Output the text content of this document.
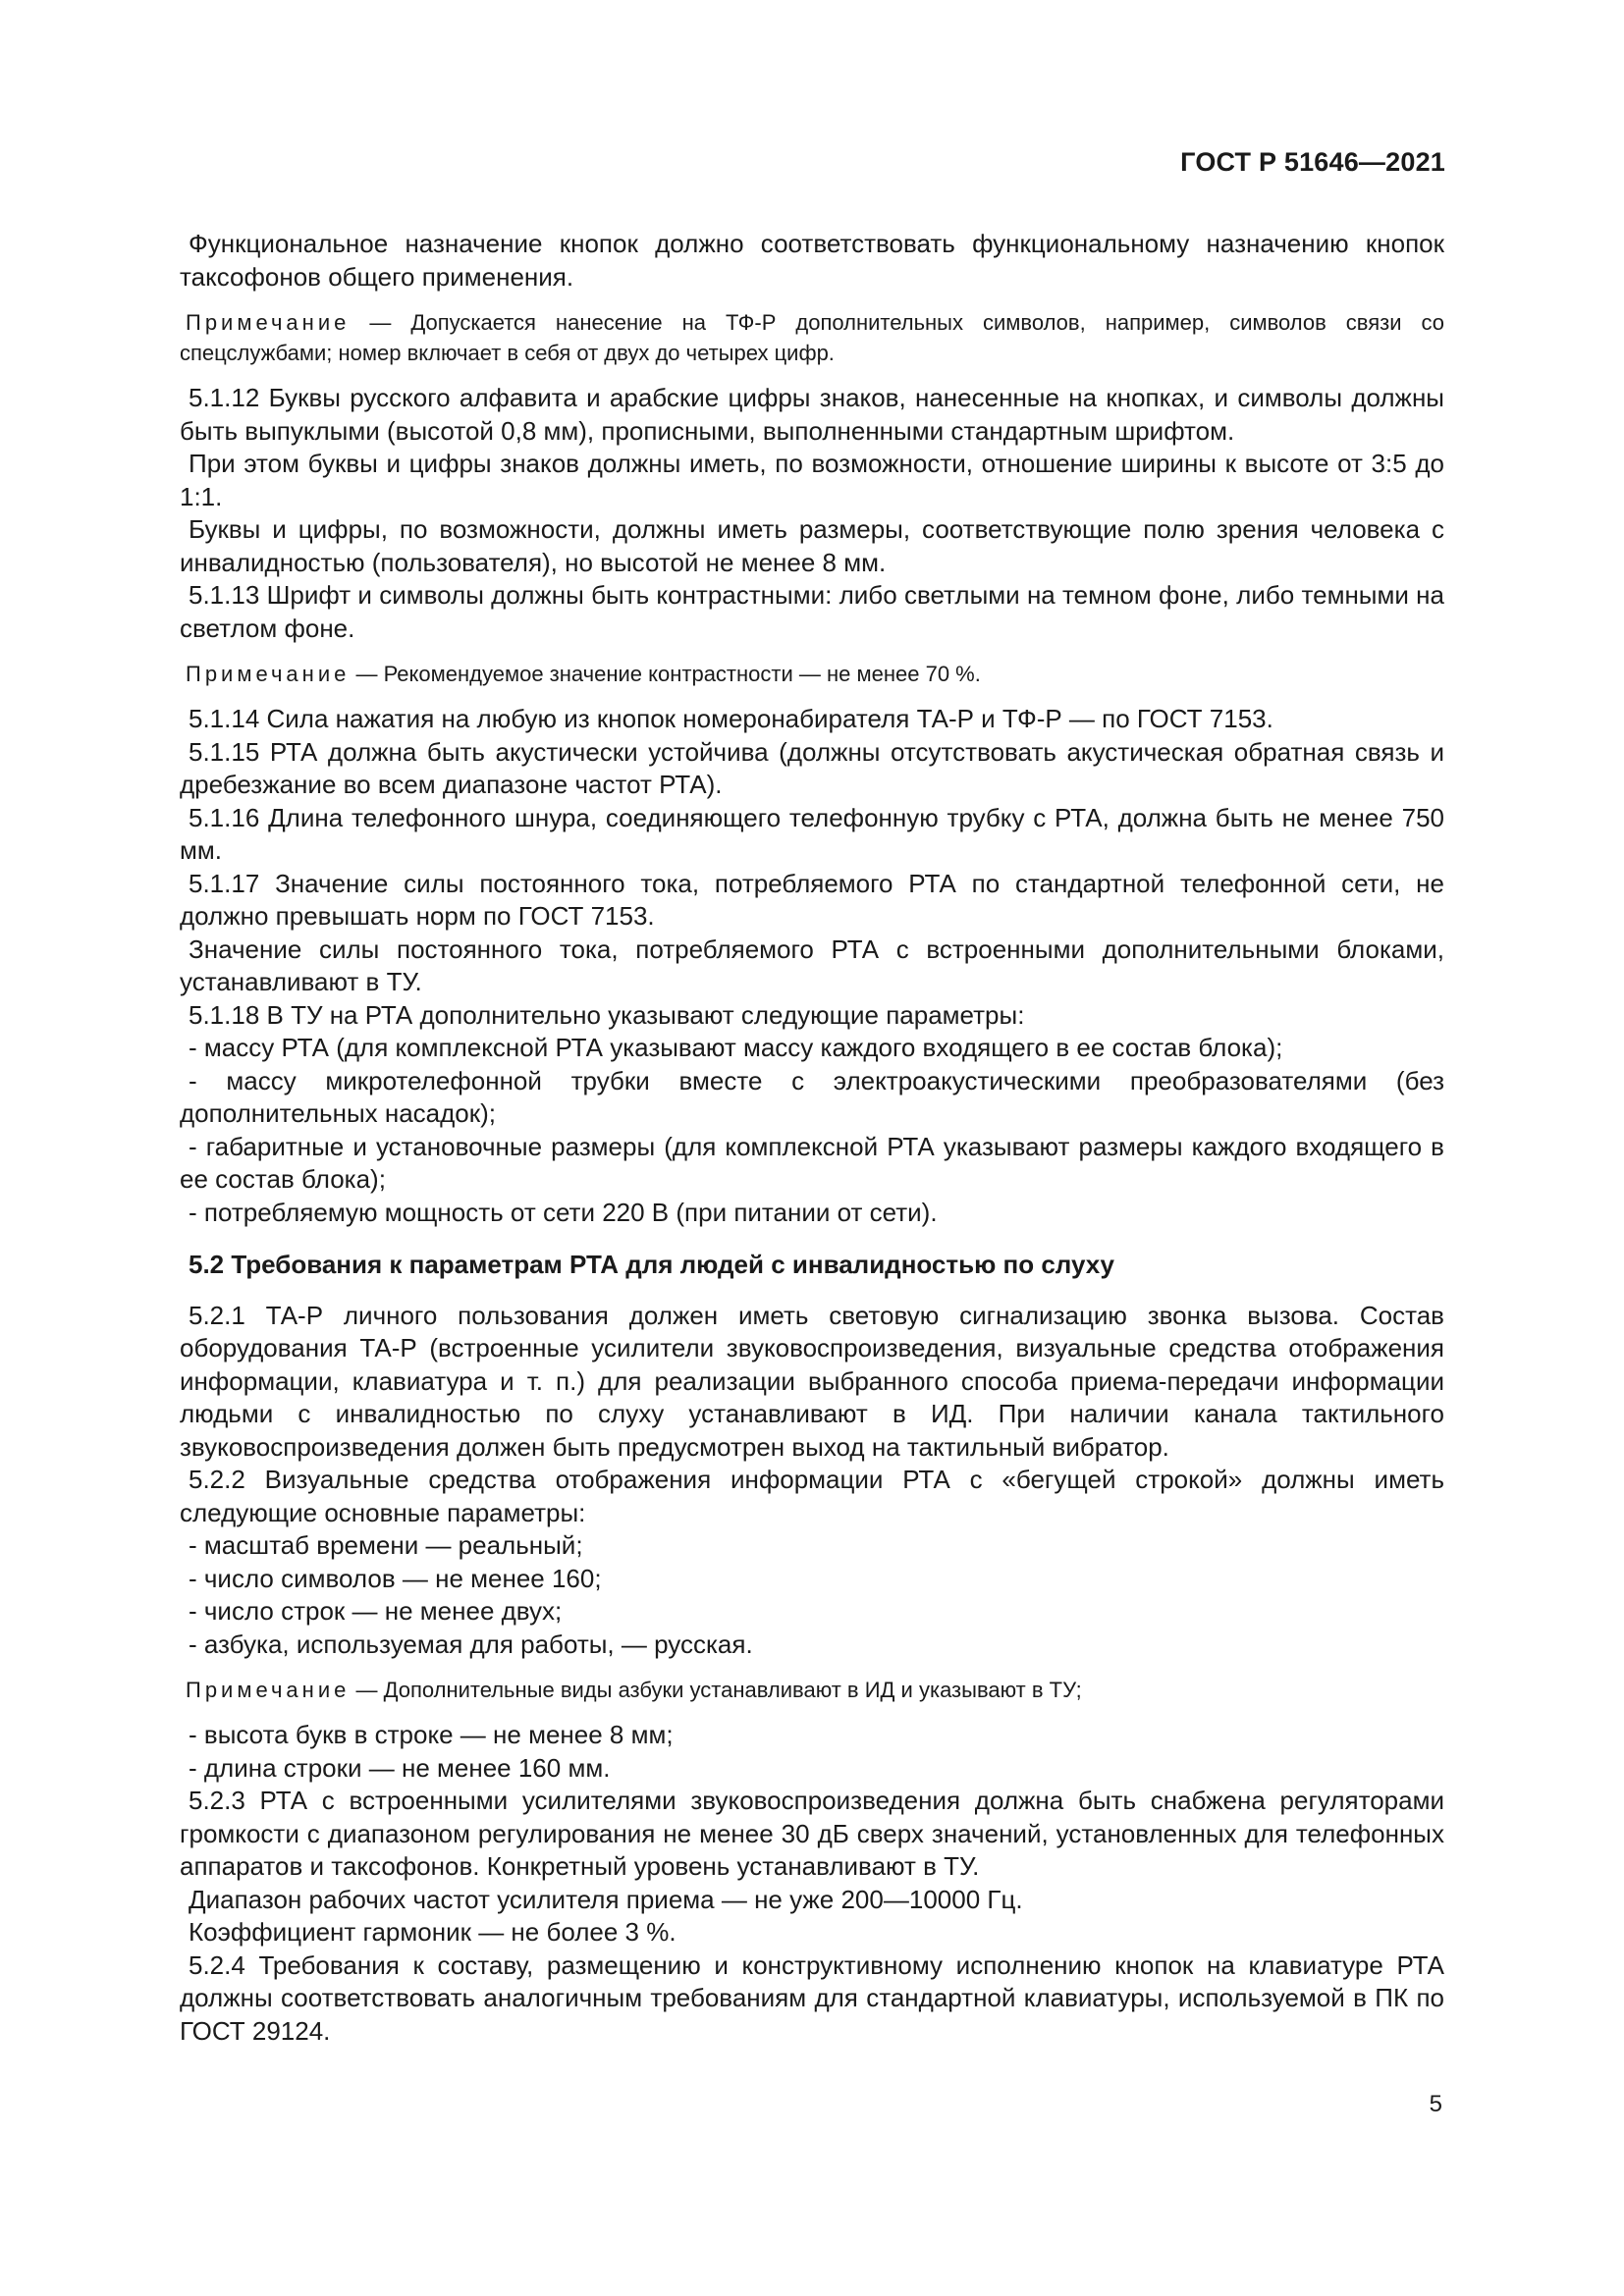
ГОСТ Р 51646—2021

Функциональное назначение кнопок должно соответствовать функциональному назначению кнопок таксофонов общего применения.

Примечание — Допускается нанесение на ТФ-Р дополнительных символов, например, символов связи со спецслужбами; номер включает в себя от двух до четырех цифр.

5.1.12 Буквы русского алфавита и арабские цифры знаков, нанесенные на кнопках, и символы должны быть выпуклыми (высотой 0,8 мм), прописными, выполненными стандартным шрифтом.

При этом буквы и цифры знаков должны иметь, по возможности, отношение ширины к высоте от 3:5 до 1:1.

Буквы и цифры, по возможности, должны иметь размеры, соответствующие полю зрения человека с инвалидностью (пользователя), но высотой не менее 8 мм.

5.1.13 Шрифт и символы должны быть контрастными: либо светлыми на темном фоне, либо темными на светлом фоне.

Примечание — Рекомендуемое значение контрастности — не менее 70 %.

5.1.14 Сила нажатия на любую из кнопок номеронабирателя ТА-Р и ТФ-Р — по ГОСТ 7153.

5.1.15 РТА должна быть акустически устойчива (должны отсутствовать акустическая обратная связь и дребезжание во всем диапазоне частот РТА).

5.1.16 Длина телефонного шнура, соединяющего телефонную трубку с РТА, должна быть не менее 750 мм.

5.1.17 Значение силы постоянного тока, потребляемого РТА по стандартной телефонной сети, не должно превышать норм по ГОСТ 7153.

Значение силы постоянного тока, потребляемого РТА с встроенными дополнительными блоками, устанавливают в ТУ.

5.1.18 В ТУ на РТА дополнительно указывают следующие параметры:

- массу РТА (для комплексной РТА указывают массу каждого входящего в ее состав блока);

- массу микротелефонной трубки вместе с электроакустическими преобразователями (без дополнительных насадок);

- габаритные и установочные размеры (для комплексной РТА указывают размеры каждого входящего в ее состав блока);

- потребляемую мощность от сети 220 В (при питании от сети).

5.2 Требования к параметрам РТА для людей с инвалидностью по слуху

5.2.1 ТА-Р личного пользования должен иметь световую сигнализацию звонка вызова. Состав оборудования ТА-Р (встроенные усилители звуковоспроизведения, визуальные средства отображения информации, клавиатура и т. п.) для реализации выбранного способа приема-передачи информации людьми с инвалидностью по слуху устанавливают в ИД. При наличии канала тактильного звуковоспроизведения должен быть предусмотрен выход на тактильный вибратор.

5.2.2 Визуальные средства отображения информации РТА с «бегущей строкой» должны иметь следующие основные параметры:

- масштаб времени — реальный;

- число символов — не менее 160;

- число строк — не менее двух;

- азбука, используемая для работы, — русская.

Примечание — Дополнительные виды азбуки устанавливают в ИД и указывают в ТУ;

- высота букв в строке — не менее 8 мм;

- длина строки — не менее 160 мм.

5.2.3 РТА с встроенными усилителями звуковоспроизведения должна быть снабжена регуляторами громкости с диапазоном регулирования не менее 30 дБ сверх значений, установленных для телефонных аппаратов и таксофонов. Конкретный уровень устанавливают в ТУ.

Диапазон рабочих частот усилителя приема — не уже 200—10000 Гц.

Коэффициент гармоник — не более 3 %.

5.2.4 Требования к составу, размещению и конструктивному исполнению кнопок на клавиатуре РТА должны соответствовать аналогичным требованиям для стандартной клавиатуры, используемой в ПК по ГОСТ 29124.

5
